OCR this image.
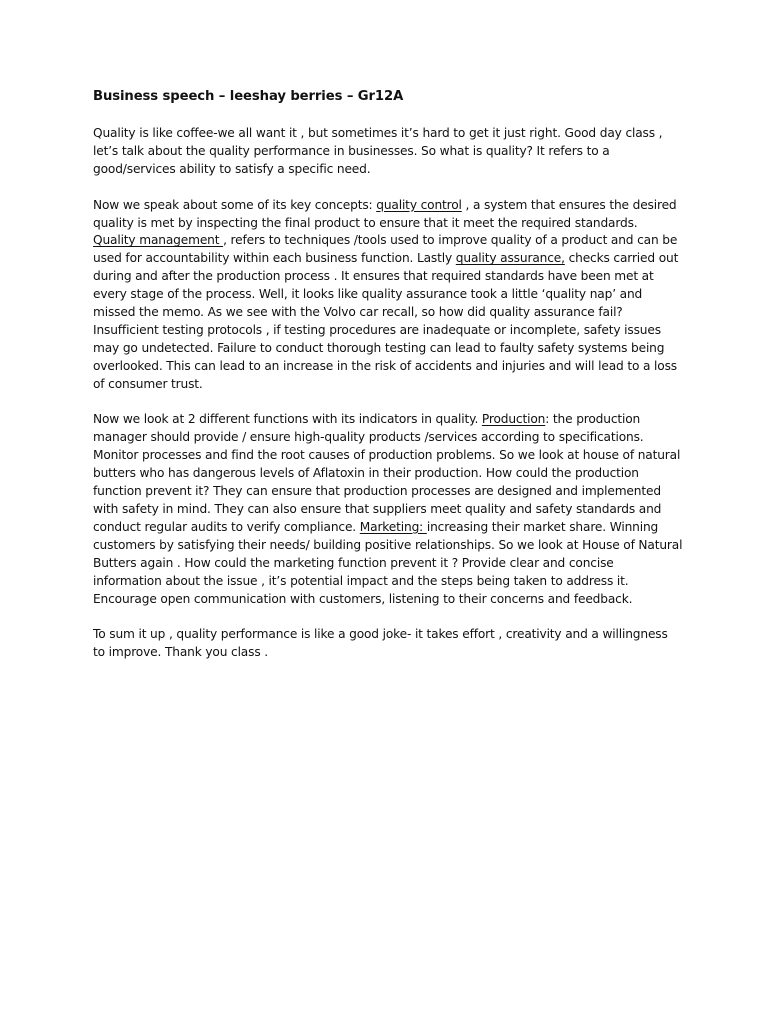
Business speech – leeshay berries – Gr12A

Quality is like coffee-we all want it , but sometimes it’s hard to get it just right. Good day class , let’s talk about the quality performance in businesses. So what is quality? It refers to a good/services ability to satisfy a specific need.

Now we speak about some of its key concepts: quality control , a system that ensures the desired quality is met by inspecting the final product to ensure that it meet the required standards. Quality management , refers to techniques /tools used to improve quality of a product and can be used for accountability within each business function. Lastly quality assurance, checks carried out during and after the production process . It ensures that required standards have been met at every stage of the process. Well, it looks like quality assurance took a little ‘quality nap’ and missed the memo. As we see with the Volvo car recall, so how did quality assurance fail? Insufficient testing protocols , if testing procedures are inadequate or incomplete, safety issues may go undetected. Failure to conduct thorough testing can lead to faulty safety systems being overlooked. This can lead to an increase in the risk of accidents and injuries and will lead to a loss of consumer trust.

Now we look at 2 different functions with its indicators in quality. Production: the production manager should provide / ensure high-quality products /services according to specifications. Monitor processes and find the root causes of production problems. So we look at house of natural butters who has dangerous levels of Aflatoxin in their production. How could the production function prevent it? They can ensure that production processes are designed and implemented with safety in mind. They can also ensure that suppliers meet quality and safety standards and conduct regular audits to verify compliance. Marketing: increasing their market share. Winning customers by satisfying their needs/ building positive relationships. So we look at House of Natural Butters again . How could the marketing function prevent it ? Provide clear and concise information about the issue , it’s potential impact and the steps being taken to address it. Encourage open communication with customers, listening to their concerns and feedback.

To sum it up , quality performance is like a good joke- it takes effort , creativity and a willingness to improve. Thank you class .
